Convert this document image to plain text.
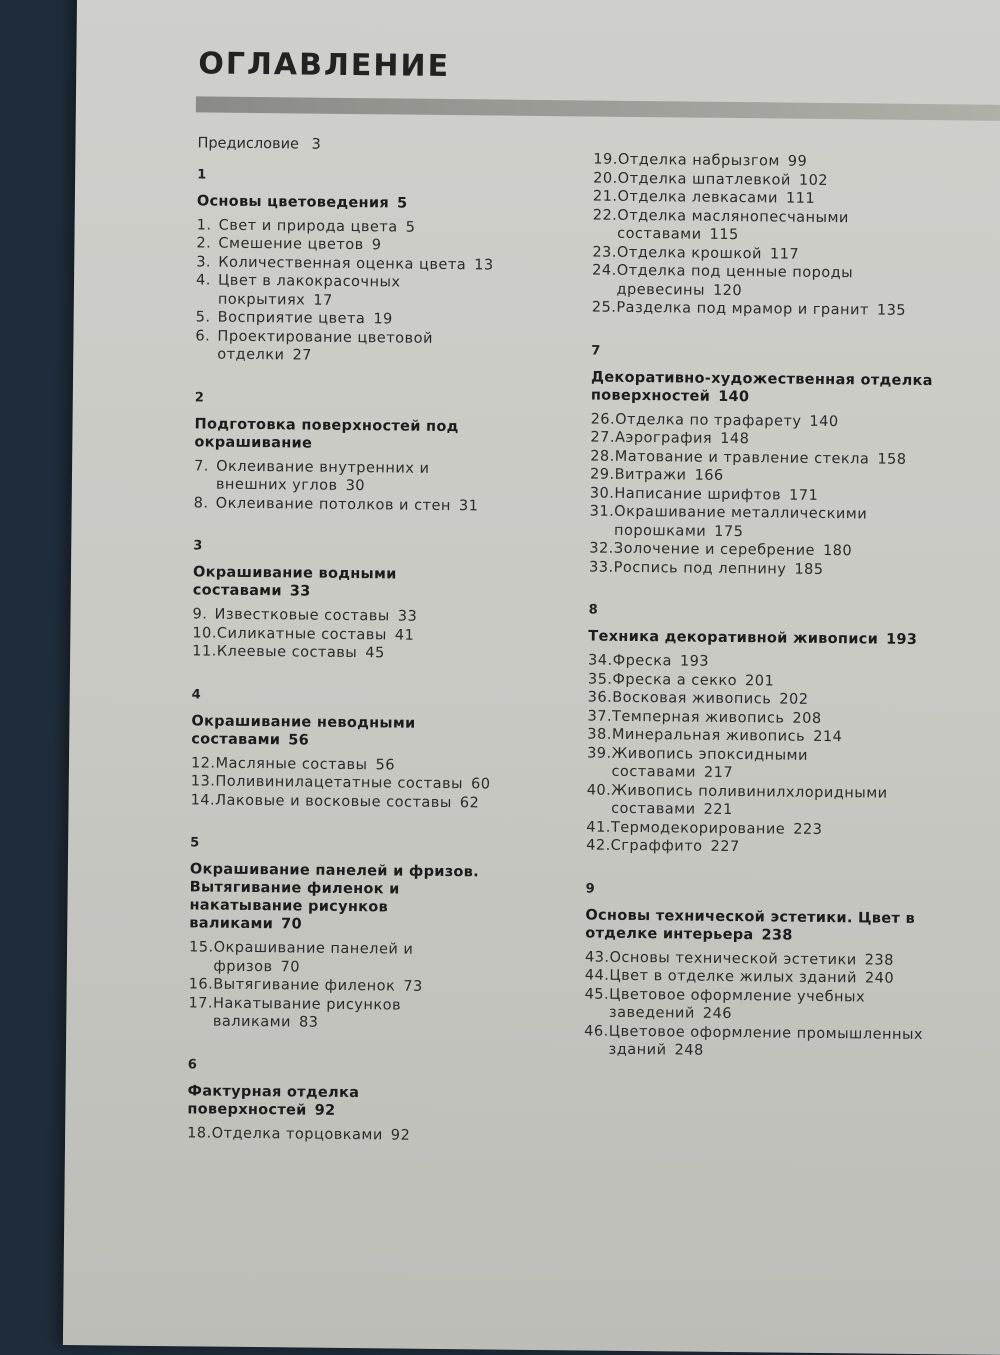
ОГЛАВЛЕНИЕ
Предисловие 3
1
Основы цветоведения 5
1. Свет и природа цвета 5
2. Смешение цветов 9
3. Количественная оценка цвета 13
4. Цвет в лакокрасочных покрытиях 17
5. Восприятие цвета 19
6. Проектирование цветовой отделки 27
2
Подготовка поверхностей под окрашивание
7. Оклеивание внутренних и внешних углов 30
8. Оклеивание потолков и стен 31
3
Окрашивание водными составами 33
9. Известковые составы 33
10. Силикатные составы 41
11. Клеевые составы 45
4
Окрашивание неводными составами 56
12. Масляные составы 56
13. Поливинилацетатные составы 60
14. Лаковые и восковые составы 62
5
Окрашивание панелей и фризов. Вытягивание филенок и накатывание рисунков валиками 70
15. Окрашивание панелей и фризов 70
16. Вытягивание филенок 73
17. Накатывание рисунков валиками 83
6
Фактурная отделка поверхностей 92
18. Отделка торцовками 92
19. Отделка набрызгом 99
20. Отделка шпатлевкой 102
21. Отделка левкасами 111
22. Отделка маслянопесчаными составами 115
23. Отделка крошкой 117
24. Отделка под ценные породы древесины 120
25. Разделка под мрамор и гранит 135
7
Декоративно-художественная отделка поверхностей 140
26. Отделка по трафарету 140
27. Аэрография 148
28. Матование и травление стекла 158
29. Витражи 166
30. Написание шрифтов 171
31. Окрашивание металлическими порошками 175
32. Золочение и серебрение 180
33. Роспись под лепнину 185
8
Техника декоративной живописи 193
34. Фреска 193
35. Фреска а секко 201
36. Восковая живопись 202
37. Темперная живопись 208
38. Минеральная живопись 214
39. Живопись эпоксидными составами 217
40. Живопись поливинилхлоридными составами 221
41. Термодекорирование 223
42. Сграффито 227
9
Основы технической эстетики. Цвет в отделке интерьера 238
43. Основы технической эстетики 238
44. Цвет в отделке жилых зданий 240
45. Цветовое оформление учебных заведений 246
46. Цветовое оформление промышленных зданий 248
